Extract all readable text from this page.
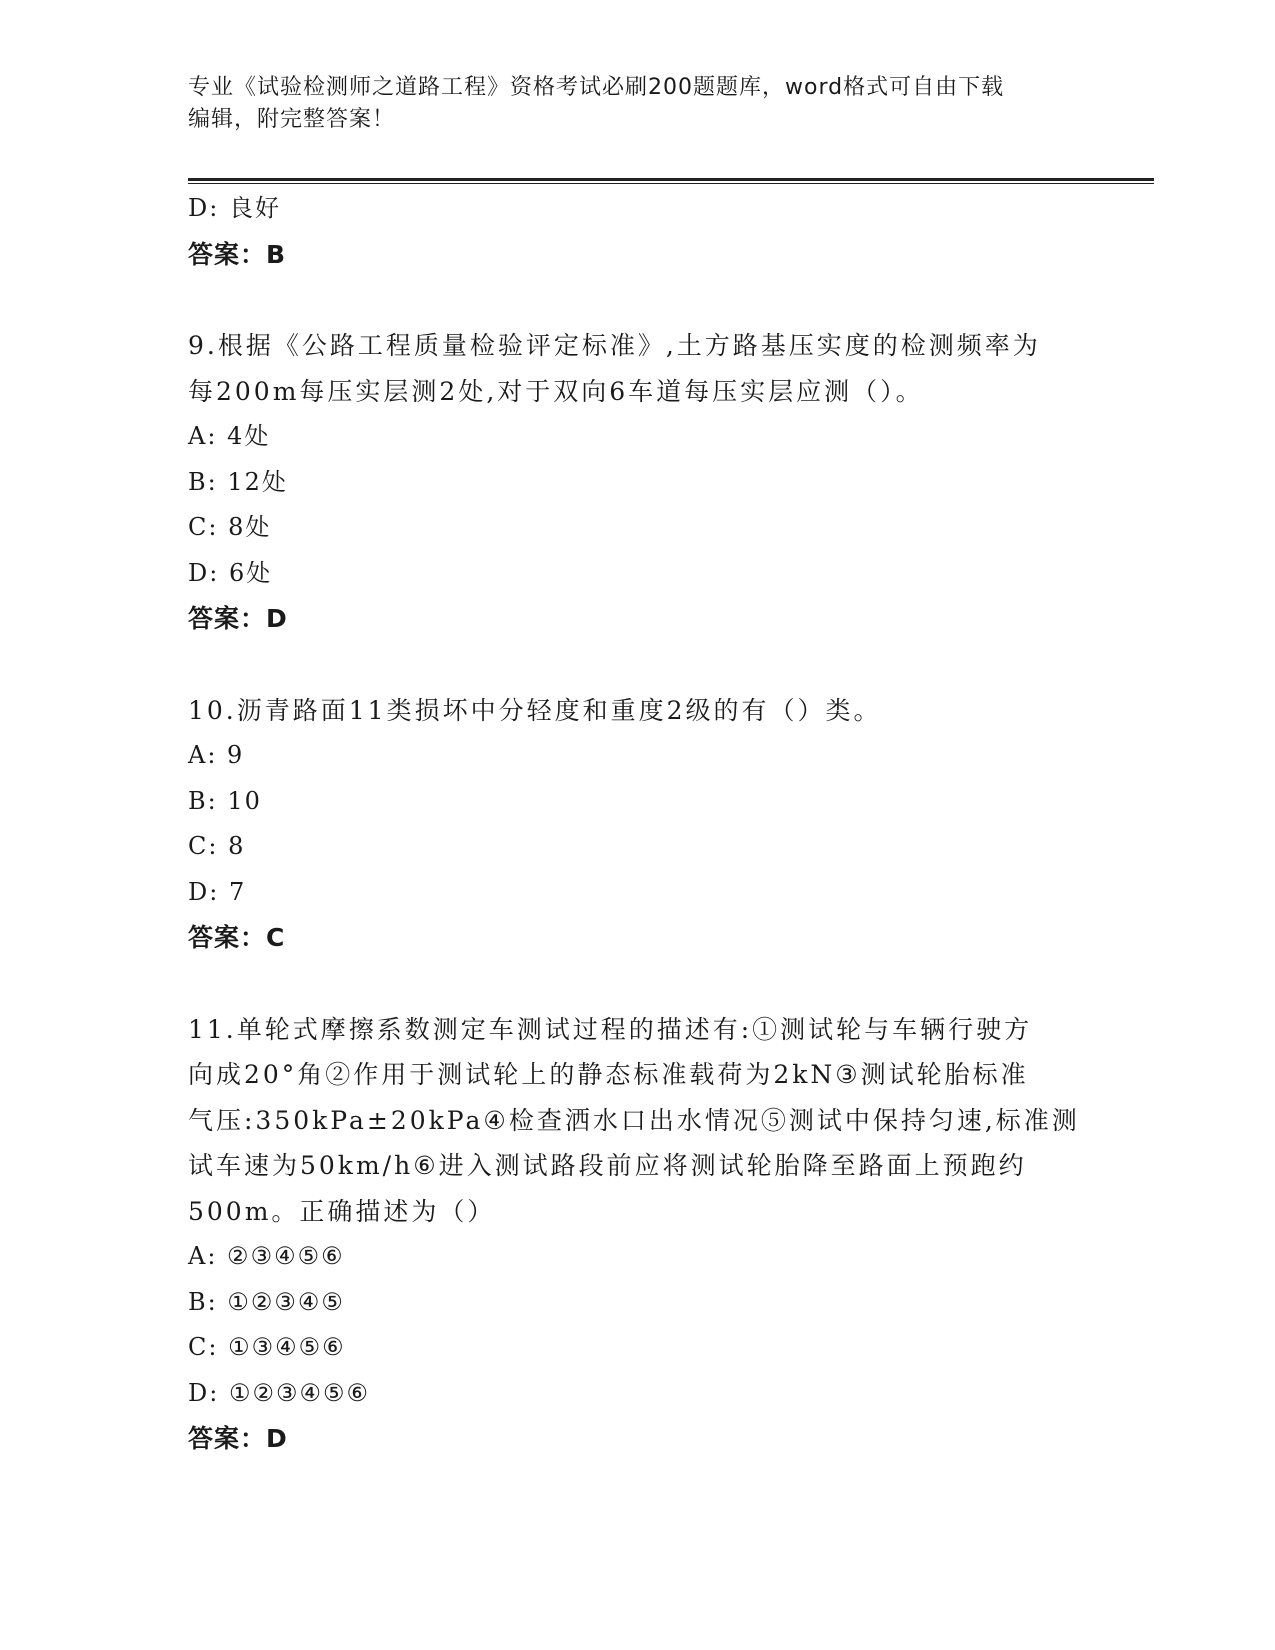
专业《试验检测师之道路工程》资格考试必刷200题题库，word格式可自由下载
编辑，附完整答案！
D: 良好
答案：B
9.根据《公路工程质量检验评定标准》,土方路基压实度的检测频率为
每200m每压实层测2处,对于双向6车道每压实层应测（）。
A: 4处
B: 12处
C: 8处
D: 6处
答案：D
10.沥青路面11类损坏中分轻度和重度2级的有（）类。
A: 9
B: 10
C: 8
D: 7
答案：C
11.单轮式摩擦系数测定车测试过程的描述有:①测试轮与车辆行驶方
向成20°角②作用于测试轮上的静态标准载荷为2kN③测试轮胎标准
气压:350kPa±20kPa④检查洒水口出水情况⑤测试中保持匀速,标准测
试车速为50km/h⑥进入测试路段前应将测试轮胎降至路面上预跑约
500m。正确描述为（）
A: ②③④⑤⑥
B: ①②③④⑤
C: ①③④⑤⑥
D: ①②③④⑤⑥
答案：D
